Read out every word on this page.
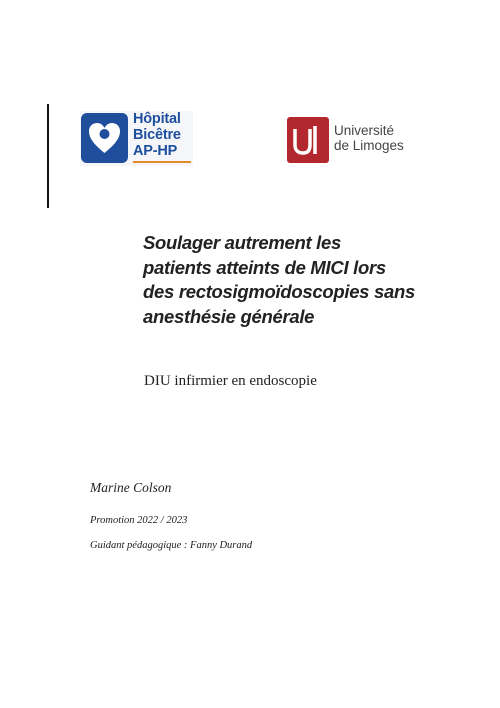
Hôpital
Bicêtre
AP-HP
Université
de Limoges
Soulager autrement les
patients atteints de MICI lors
des rectosigmoïdoscopies sans
anesthésie générale
DIU infirmier en endoscopie
Marine Colson
Promotion 2022 / 2023
Guidant pédagogique : Fanny Durand
